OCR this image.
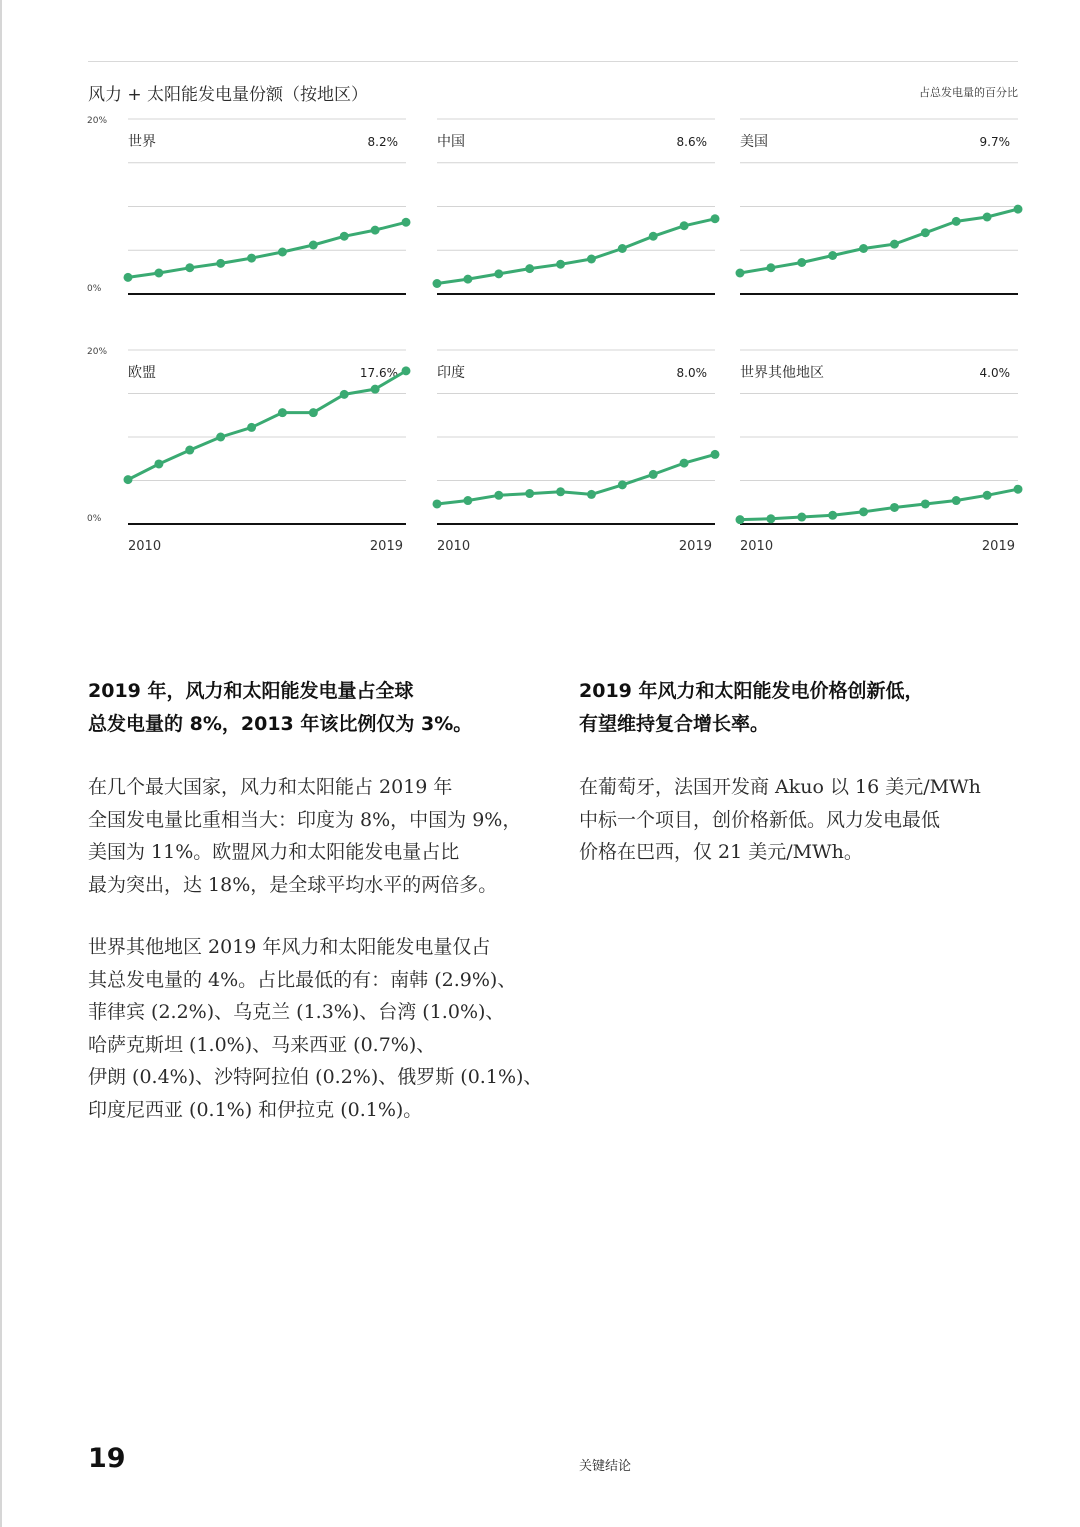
风力 + 太阳能发电量份额（按地区）	占总发电量的百分比
20%
0%
20%
0%
世界	8.2%	中国	8.6% 美国	9.7%
欧盟	17.6%	印度	8.0% 世界其他地区	4.0%
2010	2019	2010	2019 2010	2019
2019 年，风力和太阳能发电量占全球
总发电量的 8%，2013 年该比例仅为 3%。
在几个最大国家，风力和太阳能占 2019 年
全国发电量比重相当大：印度为 8%，中国为 9%，
美国为 11%。欧盟风力和太阳能发电量占比
最为突出，达 18%，是全球平均水平的两倍多。
世界其他地区 2019 年风力和太阳能发电量仅占
其总发电量的 4%。占比最低的有：南韩 (2.9%)、
菲律宾 (2.2%)、乌克兰 (1.3%)、台湾 (1.0%)、
哈萨克斯坦 (1.0%)、马来西亚 (0.7%)、
伊朗 (0.4%)、沙特阿拉伯 (0.2%)、俄罗斯 (0.1%)、
印度尼西亚 (0.1%) 和伊拉克 (0.1%)。
2019 年风力和太阳能发电价格创新低，
有望维持复合增长率。
在葡萄牙，法国开发商 Akuo 以 16 美元/MWh
中标一个项目，创价格新低。风力发电最低
价格在巴西，仅 21 美元/MWh。
19	关键结论
